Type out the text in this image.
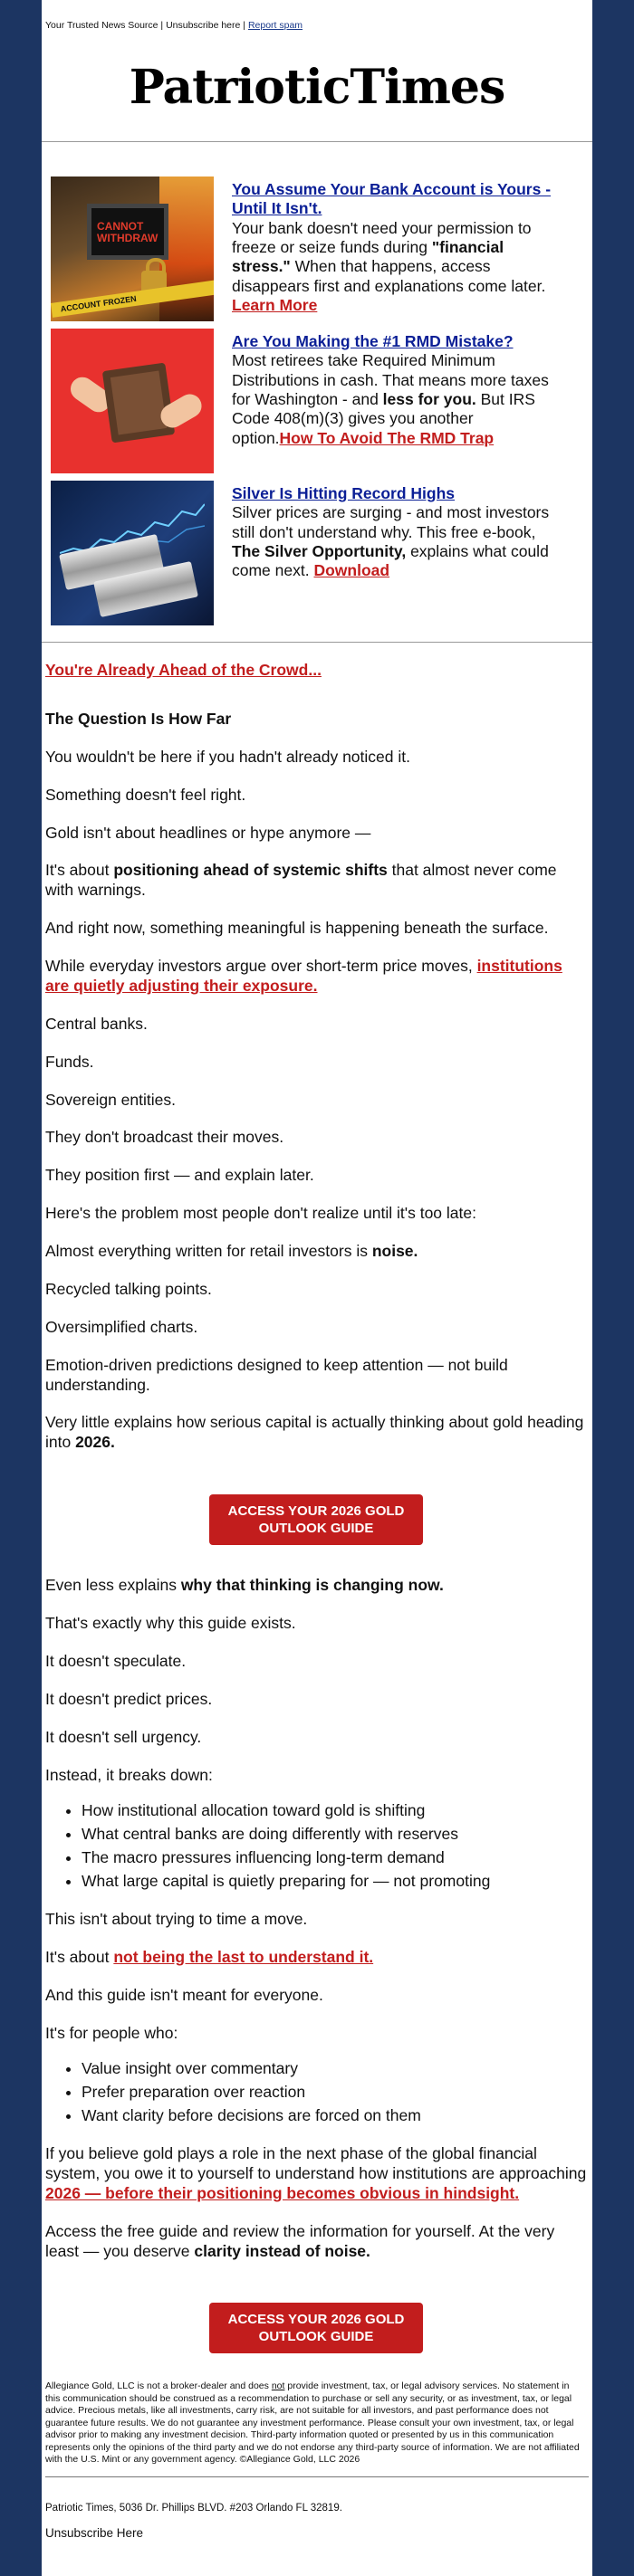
Your Trusted News Source | Unsubscribe here | Report spam
PatrioticTimes
CANNOT WITHDRAW
ACCOUNT FROZEN
You Assume Your Bank Account is Yours - Until It Isn't.
Your bank doesn't need your permission to freeze or seize funds during "financial stress." When that happens, access disappears first and explanations come later. Learn More
Are You Making the #1 RMD Mistake?
Most retirees take Required Minimum Distributions in cash. That means more taxes for Washington - and less for you. But IRS Code 408(m)(3) gives you another option.How To Avoid The RMD Trap
Silver Is Hitting Record Highs
Silver prices are surging - and most investors still don't understand why. This free e-book, The Silver Opportunity, explains what could come next. Download
You're Already Ahead of the Crowd...
The Question Is How Far

You wouldn't be here if you hadn't already noticed it.

Something doesn't feel right.

Gold isn't about headlines or hype anymore —

It's about positioning ahead of systemic shifts that almost never come with warnings.

And right now, something meaningful is happening beneath the surface.

While everyday investors argue over short-term price moves, institutions are quietly adjusting their exposure.

Central banks.

Funds.

Sovereign entities.

They don't broadcast their moves.

They position first — and explain later.

Here's the problem most people don't realize until it's too late:

Almost everything written for retail investors is noise.

Recycled talking points.

Oversimplified charts.

Emotion-driven predictions designed to keep attention — not build understanding.

Very little explains how serious capital is actually thinking about gold heading into 2026.

ACCESS YOUR 2026 GOLD OUTLOOK GUIDE

Even less explains why that thinking is changing now.

That's exactly why this guide exists.

It doesn't speculate.

It doesn't predict prices.

It doesn't sell urgency.

Instead, it breaks down:

• How institutional allocation toward gold is shifting
• What central banks are doing differently with reserves
• The macro pressures influencing long-term demand
• What large capital is quietly preparing for — not promoting

This isn't about trying to time a move.

It's about not being the last to understand it.

And this guide isn't meant for everyone.

It's for people who:

• Value insight over commentary
• Prefer preparation over reaction
• Want clarity before decisions are forced on them

If you believe gold plays a role in the next phase of the global financial system, you owe it to yourself to understand how institutions are approaching 2026 — before their positioning becomes obvious in hindsight.

Access the free guide and review the information for yourself. At the very least — you deserve clarity instead of noise.

ACCESS YOUR 2026 GOLD OUTLOOK GUIDE
Allegiance Gold, LLC is not a broker-dealer and does not provide investment, tax, or legal advisory services. No statement in this communication should be construed as a recommendation to purchase or sell any security, or as investment, tax, or legal advice. Precious metals, like all investments, carry risk, are not suitable for all investors, and past performance does not guarantee future results. We do not guarantee any investment performance. Please consult your own investment, tax, or legal advisor prior to making any investment decision. Third-party information quoted or presented by us in this communication represents only the opinions of the third party and we do not endorse any third-party source of information. We are not affiliated with the U.S. Mint or any government agency. ©Allegiance Gold, LLC 2026
Patriotic Times, 5036 Dr. Phillips BLVD. #203 Orlando FL 32819.
Unsubscribe Here
